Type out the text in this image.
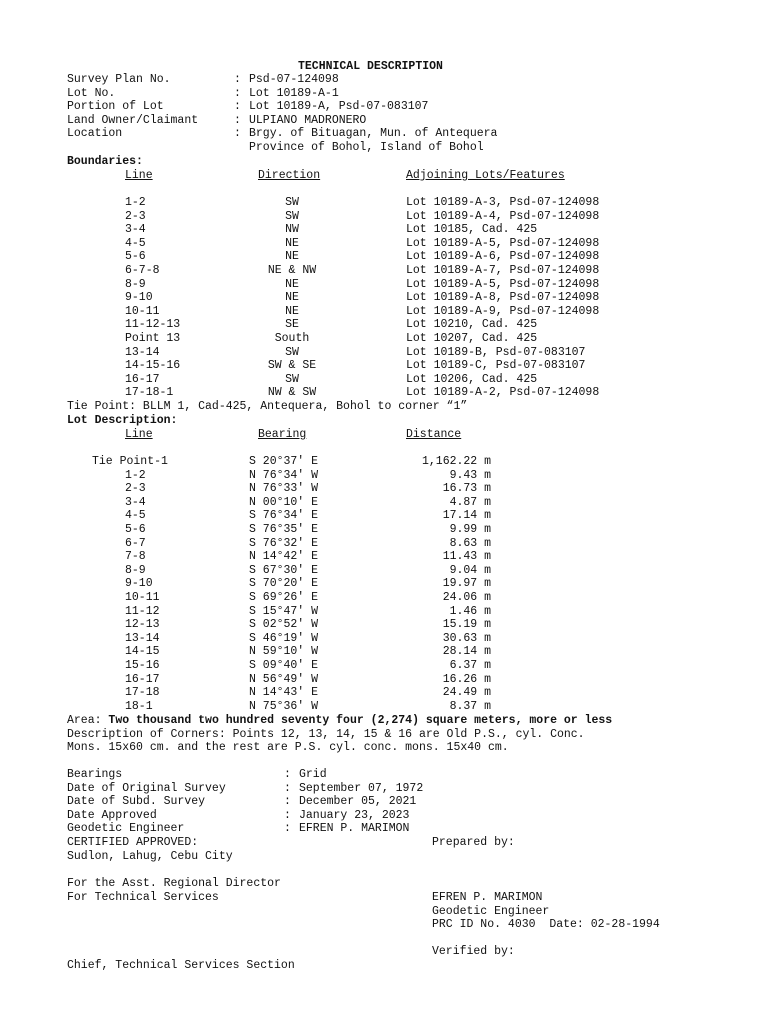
TECHNICAL DESCRIPTION
Survey Plan No.	: Psd-07-124098
Lot No.	: Lot 10189-A-1
Portion of Lot	: Lot 10189-A, Psd-07-083107
Land Owner/Claimant	: ULPIANO MADRONERO
Location	: Brgy. of Bituagan, Mun. of Antequera
Province of Bohol, Island of Bohol
Boundaries:
Line	Direction	Adjoining Lots/Features
1-2	SW	Lot 10189-A-3, Psd-07-124098
2-3	SW	Lot 10189-A-4, Psd-07-124098
3-4	NW	Lot 10185, Cad. 425
4-5	NE	Lot 10189-A-5, Psd-07-124098
5-6	NE	Lot 10189-A-6, Psd-07-124098
6-7-8	NE & NW	Lot 10189-A-7, Psd-07-124098
8-9	NE	Lot 10189-A-5, Psd-07-124098
9-10	NE	Lot 10189-A-8, Psd-07-124098
10-11	NE	Lot 10189-A-9, Psd-07-124098
11-12-13	SE	Lot 10210, Cad. 425
Point 13	South	Lot 10207, Cad. 425
13-14	SW	Lot 10189-B, Psd-07-083107
14-15-16	SW & SE	Lot 10189-C, Psd-07-083107
16-17	SW	Lot 10206, Cad. 425
17-18-1	NW & SW	Lot 10189-A-2, Psd-07-124098
Tie Point: BLLM 1, Cad-425, Antequera, Bohol to corner “1”
Lot Description:
Line	Bearing	Distance
Tie Point-1	S 20°37' E	1,162.22 m
1-2	N 76°34' W	9.43 m
2-3	N 76°33' W	16.73 m
3-4	N 00°10' E	4.87 m
4-5	S 76°34' E	17.14 m
5-6	S 76°35' E	9.99 m
6-7	S 76°32' E	8.63 m
7-8	N 14°42' E	11.43 m
8-9	S 67°30' E	9.04 m
9-10	S 70°20' E	19.97 m
10-11	S 69°26' E	24.06 m
11-12	S 15°47' W	1.46 m
12-13	S 02°52' W	15.19 m
13-14	S 46°19' W	30.63 m
14-15	N 59°10' W	28.14 m
15-16	S 09°40' E	6.37 m
16-17	N 56°49' W	16.26 m
17-18	N 14°43' E	24.49 m
18-1	N 75°36' W	8.37 m
Area: Two thousand two hundred seventy four (2,274) square meters, more or less
Description of Corners: Points 12, 13, 14, 15 & 16 are Old P.S., cyl. Conc.
Mons. 15x60 cm. and the rest are P.S. cyl. conc. mons. 15x40 cm.
Bearings	: Grid
Date of Original Survey	: September 07, 1972
Date of Subd. Survey	: December 05, 2021
Date Approved	: January 23, 2023
Geodetic Engineer	: EFREN P. MARIMON
CERTIFIED APPROVED:	Prepared by:
Sudlon, Lahug, Cebu City
For the Asst. Regional Director
For Technical Services	EFREN P. MARIMON
Geodetic Engineer
PRC ID No. 4030  Date: 02-28-1994
Verified by:
Chief, Technical Services Section
